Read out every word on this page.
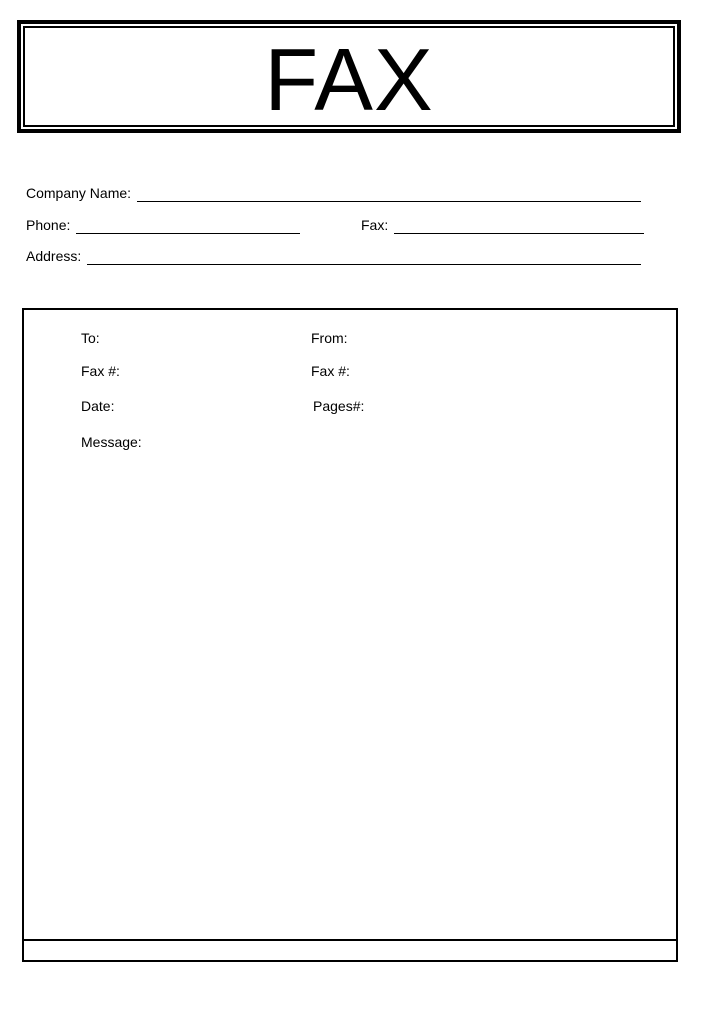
FAX
Company Name:
Phone:	Fax:
Address:
To:	From:
Fax #:	Fax #:
Date:	Pages#:
Message:
